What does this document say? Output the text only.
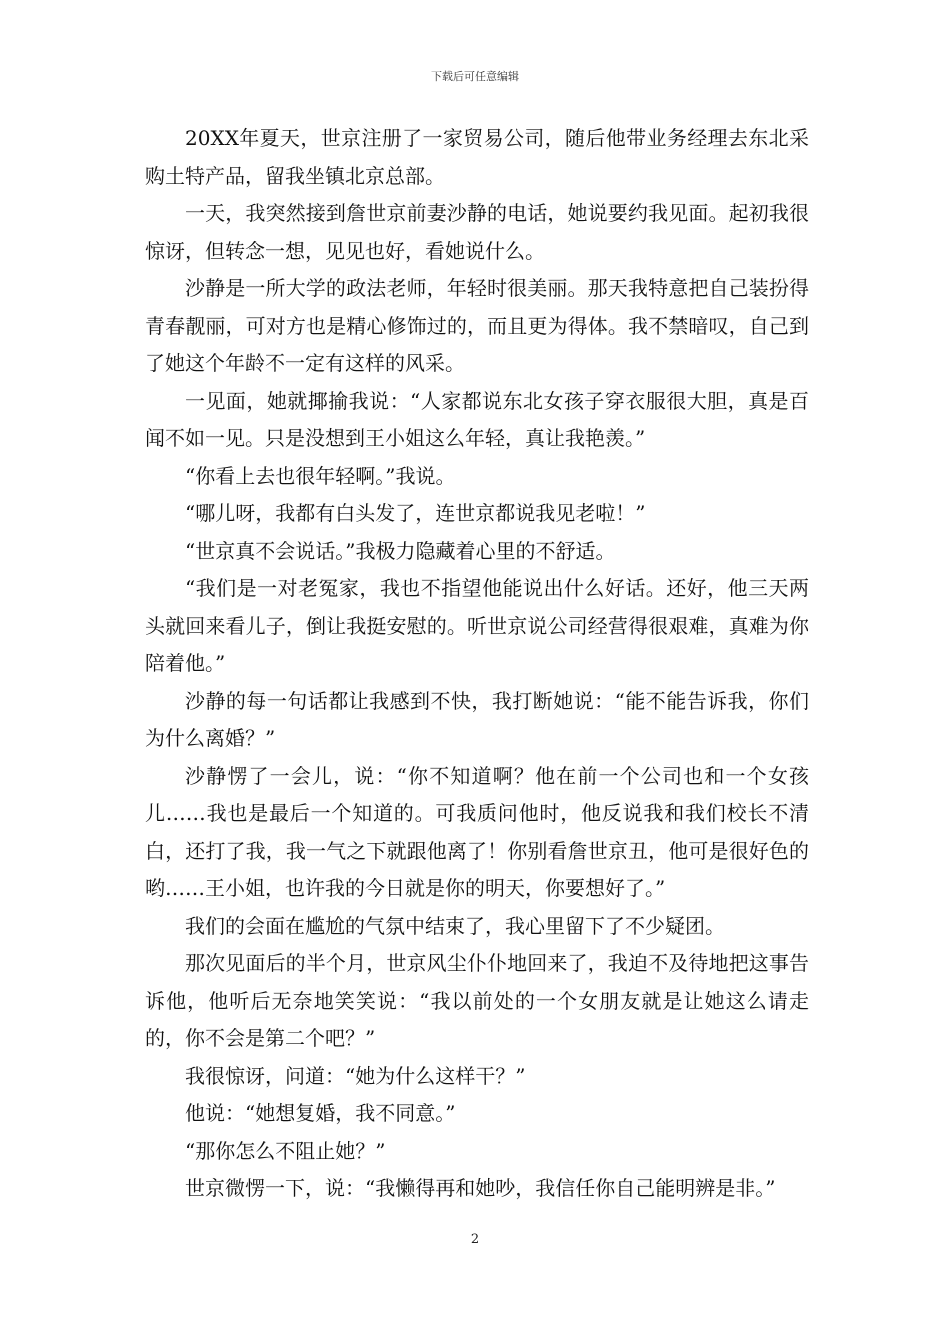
下载后可任意编辑

20XX年夏天，世京注册了一家贸易公司，随后他带业务经理去东北采购土特产品，留我坐镇北京总部。

一天，我突然接到詹世京前妻沙静的电话，她说要约我见面。起初我很惊讶，但转念一想，见见也好，看她说什么。

沙静是一所大学的政法老师，年轻时很美丽。那天我特意把自己装扮得青春靓丽，可对方也是精心修饰过的，而且更为得体。我不禁暗叹，自己到了她这个年龄不一定有这样的风采。

一见面，她就揶揄我说：“人家都说东北女孩子穿衣服很大胆，真是百闻不如一见。只是没想到王小姐这么年轻，真让我艳羡。”

“你看上去也很年轻啊。”我说。

“哪儿呀，我都有白头发了，连世京都说我见老啦！”

“世京真不会说话。”我极力隐藏着心里的不舒适。

“我们是一对老冤家，我也不指望他能说出什么好话。还好，他三天两头就回来看儿子，倒让我挺安慰的。听世京说公司经营得很艰难，真难为你陪着他。”

沙静的每一句话都让我感到不快，我打断她说：“能不能告诉我，你们为什么离婚？”

沙静愣了一会儿，说：“你不知道啊？他在前一个公司也和一个女孩儿……我也是最后一个知道的。可我质问他时，他反说我和我们校长不清白，还打了我，我一气之下就跟他离了！你别看詹世京丑，他可是很好色的哟……王小姐，也许我的今日就是你的明天，你要想好了。”

我们的会面在尴尬的气氛中结束了，我心里留下了不少疑团。

那次见面后的半个月，世京风尘仆仆地回来了，我迫不及待地把这事告诉他，他听后无奈地笑笑说：“我以前处的一个女朋友就是让她这么请走的，你不会是第二个吧？”

我很惊讶，问道：“她为什么这样干？”

他说：“她想复婚，我不同意。”

“那你怎么不阻止她？”

世京微愣一下，说：“我懒得再和她吵，我信任你自己能明辨是非。”

2
